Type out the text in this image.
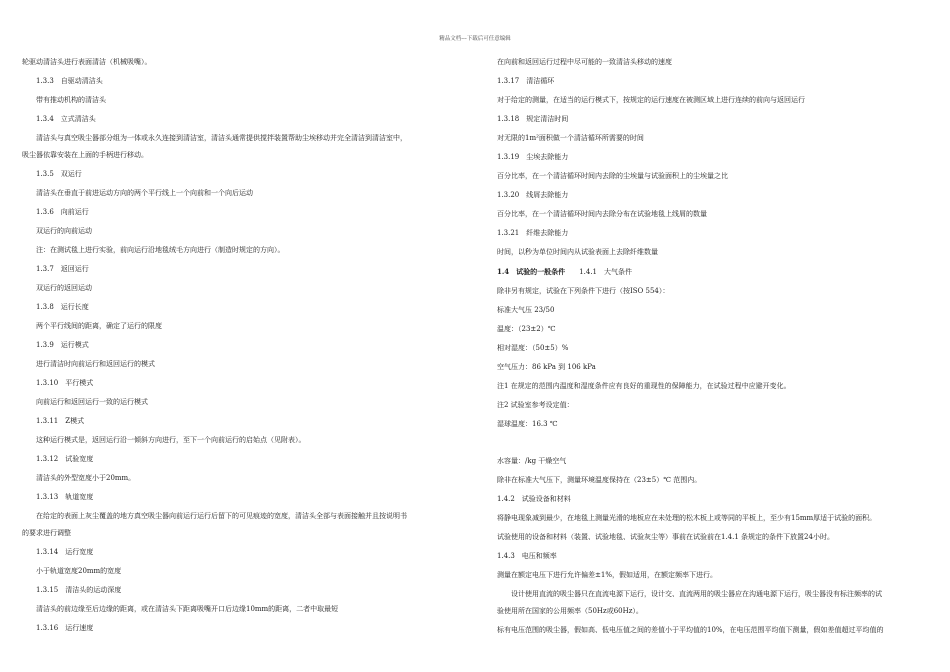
精品文档---下载后可任意编辑
轮驱动清洁头进行表面清洁（机械吸嘴）。
1.3.3　自驱动清洁头
带有推动机构的清洁头
1.3.4　立式清洁头
清洁头与真空吸尘器部分组为一体或永久连接到清洁室，清洁头通常提供搅拌装置帮助尘埃移动并完全清洁到清洁室中，
吸尘器依靠安装在上面的手柄进行移动。
1.3.5　双运行
清洁头在垂直于前进运动方向的两个平行线上一个向前和一个向后运动
1.3.6　向前运行
双运行的向前运动
注：在测试毯上进行实验，前向运行沿地毯绒毛方向进行（制造时规定的方向）。
1.3.7　返回运行
双运行的返回运动
1.3.8　运行长度
两个平行线间的距离，确定了运行的限度
1.3.9　运行模式
进行清洁时向前运行和返回运行的模式
1.3.10　平行模式
向前运行和返回运行一致的运行模式
1.3.11　Z模式
这种运行模式是，返回运行沿一倾斜方向进行，至下一个向前运行的启始点（见附表）。
1.3.12　试验宽度
清洁头的外型宽度小于20mm。
1.3.13　轨道宽度
在给定的表面上灰尘覆盖的地方真空吸尘器向前运行运行后留下的可见痕迹的宽度，清洁头全部与表面接触并且按说明书
的要求进行调整
1.3.14　运行宽度
小于轨道宽度20mm的宽度
1.3.15　清洁头的运动深度
清洁头的前边缘至后边缘的距离，或在清洁头下距离吸嘴开口后边缘10mm的距离，二者中取最短
1.3.16　运行速度
在向前和返回运行过程中尽可能的一致清洁头移动的速度
1.3.17　清洁循环
对于给定的测量，在适当的运行模式下，按规定的运行速度在被测区域上进行连续的前向与返回运行
1.3.18　规定清洁时间
对无限的1m²面积做一个清洁循环所需要的时间
1.3.19　尘埃去除能力
百分比率，在一个清洁循环时间内去除的尘埃量与试验面积上的尘埃量之比
1.3.20　线屑去除能力
百分比率，在一个清洁循环时间内去除分布在试验地毯上线屑的数量
1.3.21　纤维去除能力
时间，以秒为单位时间内从试验表面上去除纤维数量
1.4　试验的一般条件　　1.4.1　大气条件
除非另有规定，试验在下列条件下进行（按ISO 554）：
标准大气压 23/50
温度：（23±2）℃
相对湿度：（50±5）%
空气压力：86 kPa 到 106 kPa
注1 在规定的范围内温度和湿度条件应有良好的重现性的保障能力，在试验过程中应避开变化。
注2 试验室参考设定值：
湿球温度：16.3 ℃
水容量：/kg 干燥空气
除非在标准大气压下，测量环境温度保持在（23±5）℃ 范围内。
1.4.2　试验设备和材料
将静电现象减到最少，在地毯上测量光滑的地板应在未处理的松木板上或等同的平板上，至少有15mm厚适于试验的面积。
试验使用的设备和材料（装置、试验地毯、试验灰尘等）事前在试验前在1.4.1 条规定的条件下放置24小时。
1.4.3　电压和频率
测量在额定电压下进行允许偏差±1%，假如适用，在额定频率下进行。
设计使用直流的吸尘器只在直流电源下运行，设计交、直流两用的吸尘器应在沟通电源下运行，吸尘器没有标注频率的试
验使用所在国家的公用频率（50Hz或60Hz）。
标有电压范围的吸尘器，假如高、低电压值之间的差值小于平均值的10%，在电压范围平均值下测量，假如差值超过平均值的
